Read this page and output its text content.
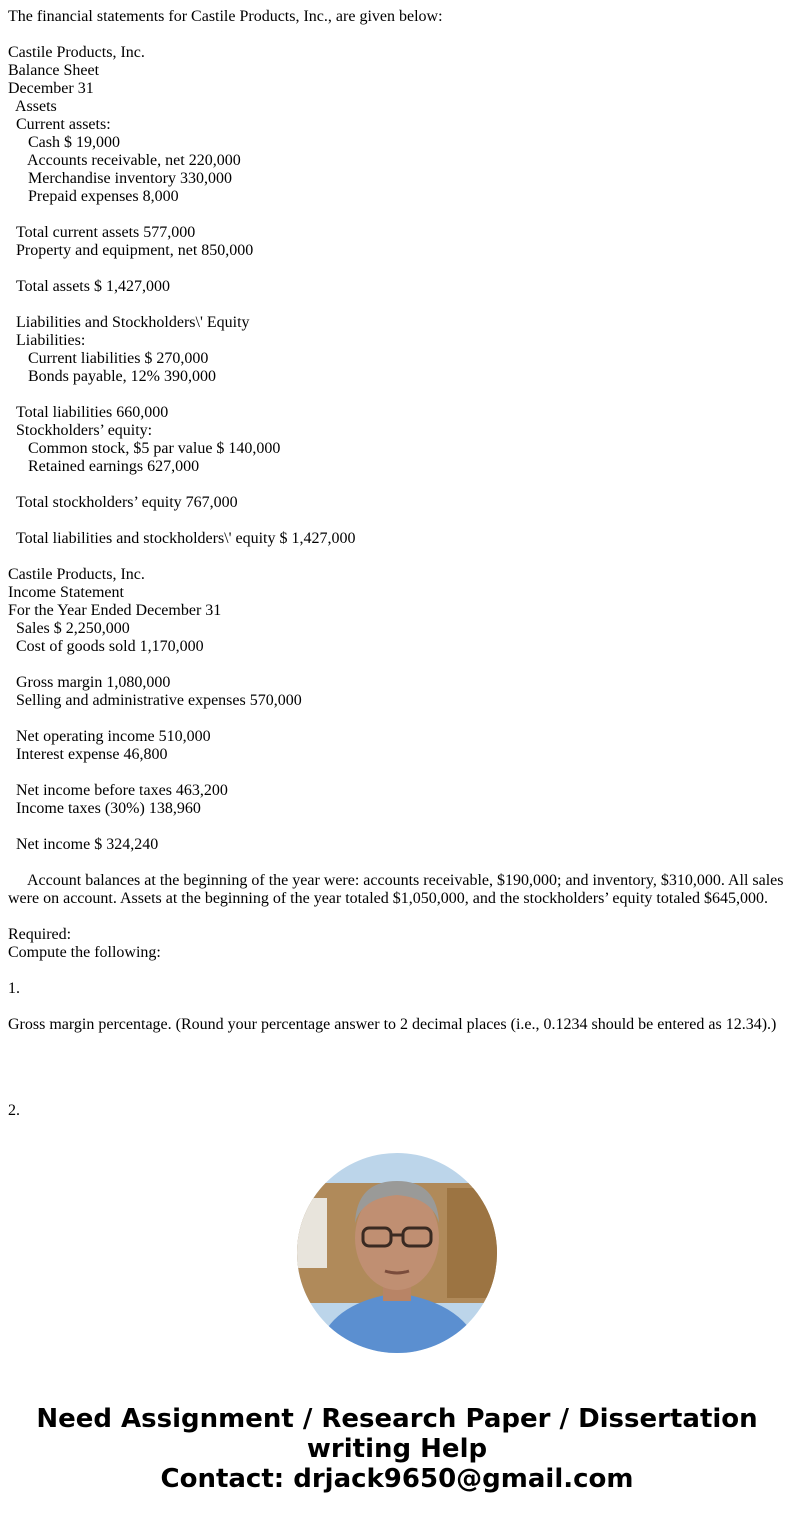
The financial statements for Castile Products, Inc., are given below:
Castile Products, Inc.
Balance Sheet
December 31
Assets
Current assets:
Cash $ 19,000
Accounts receivable, net 220,000
Merchandise inventory 330,000
Prepaid expenses 8,000
Total current assets 577,000
Property and equipment, net 850,000
Total assets $ 1,427,000
Liabilities and Stockholders\' Equity
Liabilities:
Current liabilities $ 270,000
Bonds payable, 12% 390,000
Total liabilities 660,000
Stockholders’ equity:
Common stock, $5 par value $ 140,000
Retained earnings 627,000
Total stockholders’ equity 767,000
Total liabilities and stockholders\' equity $ 1,427,000
Castile Products, Inc.
Income Statement
For the Year Ended December 31
Sales $ 2,250,000
Cost of goods sold 1,170,000
Gross margin 1,080,000
Selling and administrative expenses 570,000
Net operating income 510,000
Interest expense 46,800
Net income before taxes 463,200
Income taxes (30%) 138,960
Net income $ 324,240
Account balances at the beginning of the year were: accounts receivable, $190,000; and inventory, $310,000. All sales were on account. Assets at the beginning of the year totaled $1,050,000, and the stockholders’ equity totaled $645,000.
Required:
Compute the following:
1.
Gross margin percentage. (Round your percentage answer to 2 decimal places (i.e., 0.1234 should be entered as 12.34).)
2.
Need Assignment / Research Paper / Dissertation
writing Help
Contact: drjack9650@gmail.com
